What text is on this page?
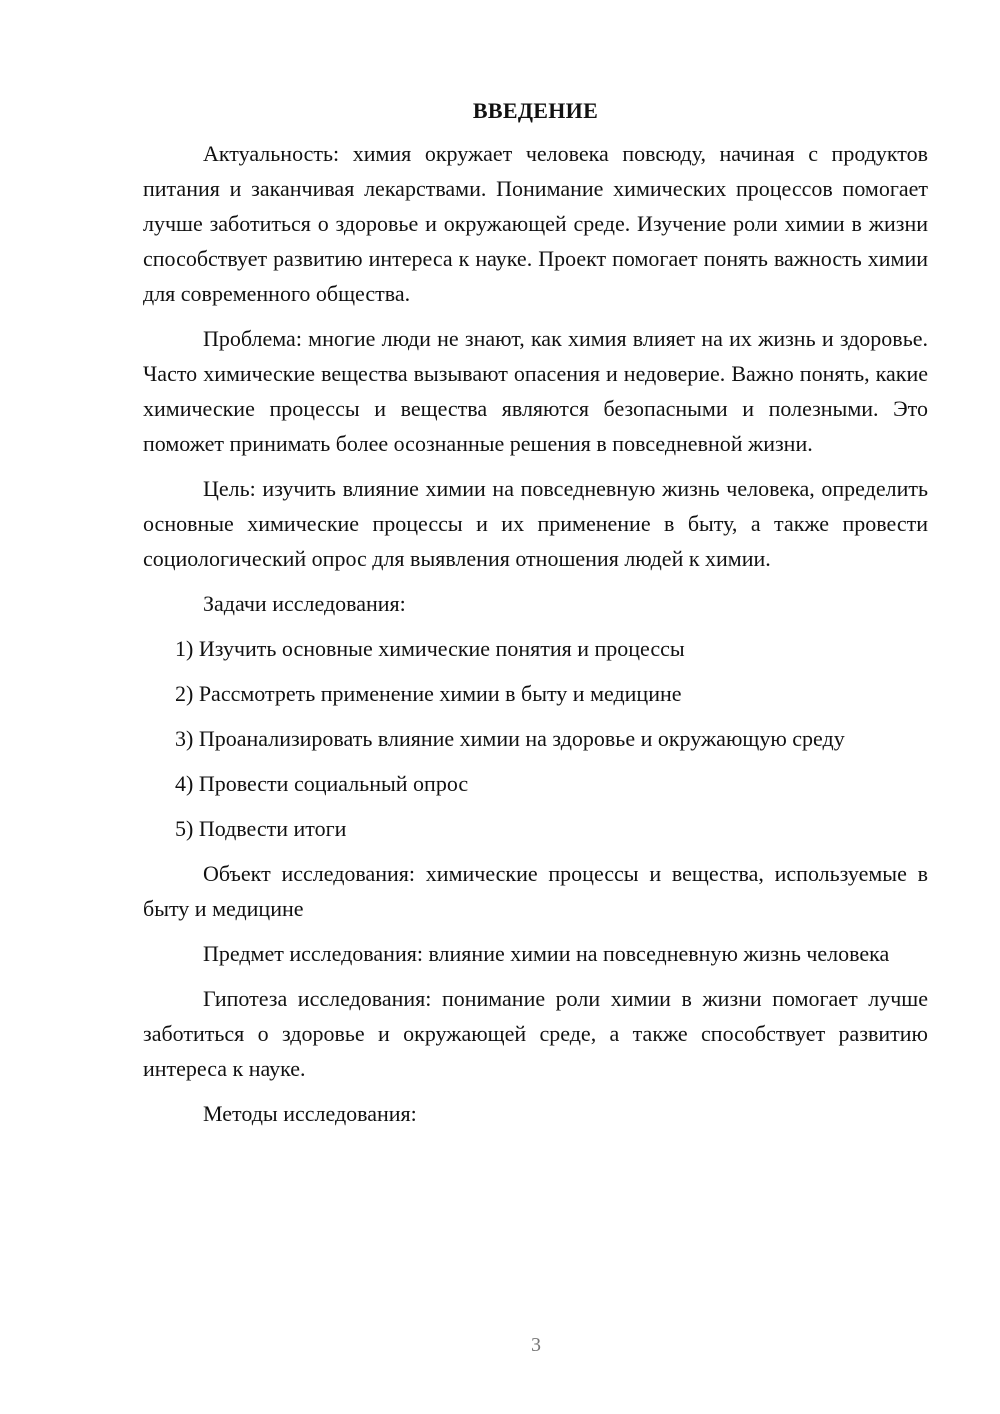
ВВЕДЕНИЕ

Актуальность: химия окружает человека повсюду, начиная с продуктов питания и заканчивая лекарствами. Понимание химических процессов помогает лучше заботиться о здоровье и окружающей среде. Изучение роли химии в жизни способствует развитию интереса к науке. Проект помогает понять важность химии для современного общества.

Проблема: многие люди не знают, как химия влияет на их жизнь и здоровье. Часто химические вещества вызывают опасения и недоверие. Важно понять, какие химические процессы и вещества являются безопасными и полезными. Это поможет принимать более осознанные решения в повседневной жизни.

Цель: изучить влияние химии на повседневную жизнь человека, определить основные химические процессы и их применение в быту, а также провести социологический опрос для выявления отношения людей к химии.

Задачи исследования:

1) Изучить основные химические понятия и процессы

2) Рассмотреть применение химии в быту и медицине

3) Проанализировать влияние химии на здоровье и окружающую среду

4) Провести социальный опрос

5) Подвести итоги

Объект исследования: химические процессы и вещества, используемые в быту и медицине

Предмет исследования: влияние химии на повседневную жизнь человека

Гипотеза исследования: понимание роли химии в жизни помогает лучше заботиться о здоровье и окружающей среде, а также способствует развитию интереса к науке.

Методы исследования:

3
